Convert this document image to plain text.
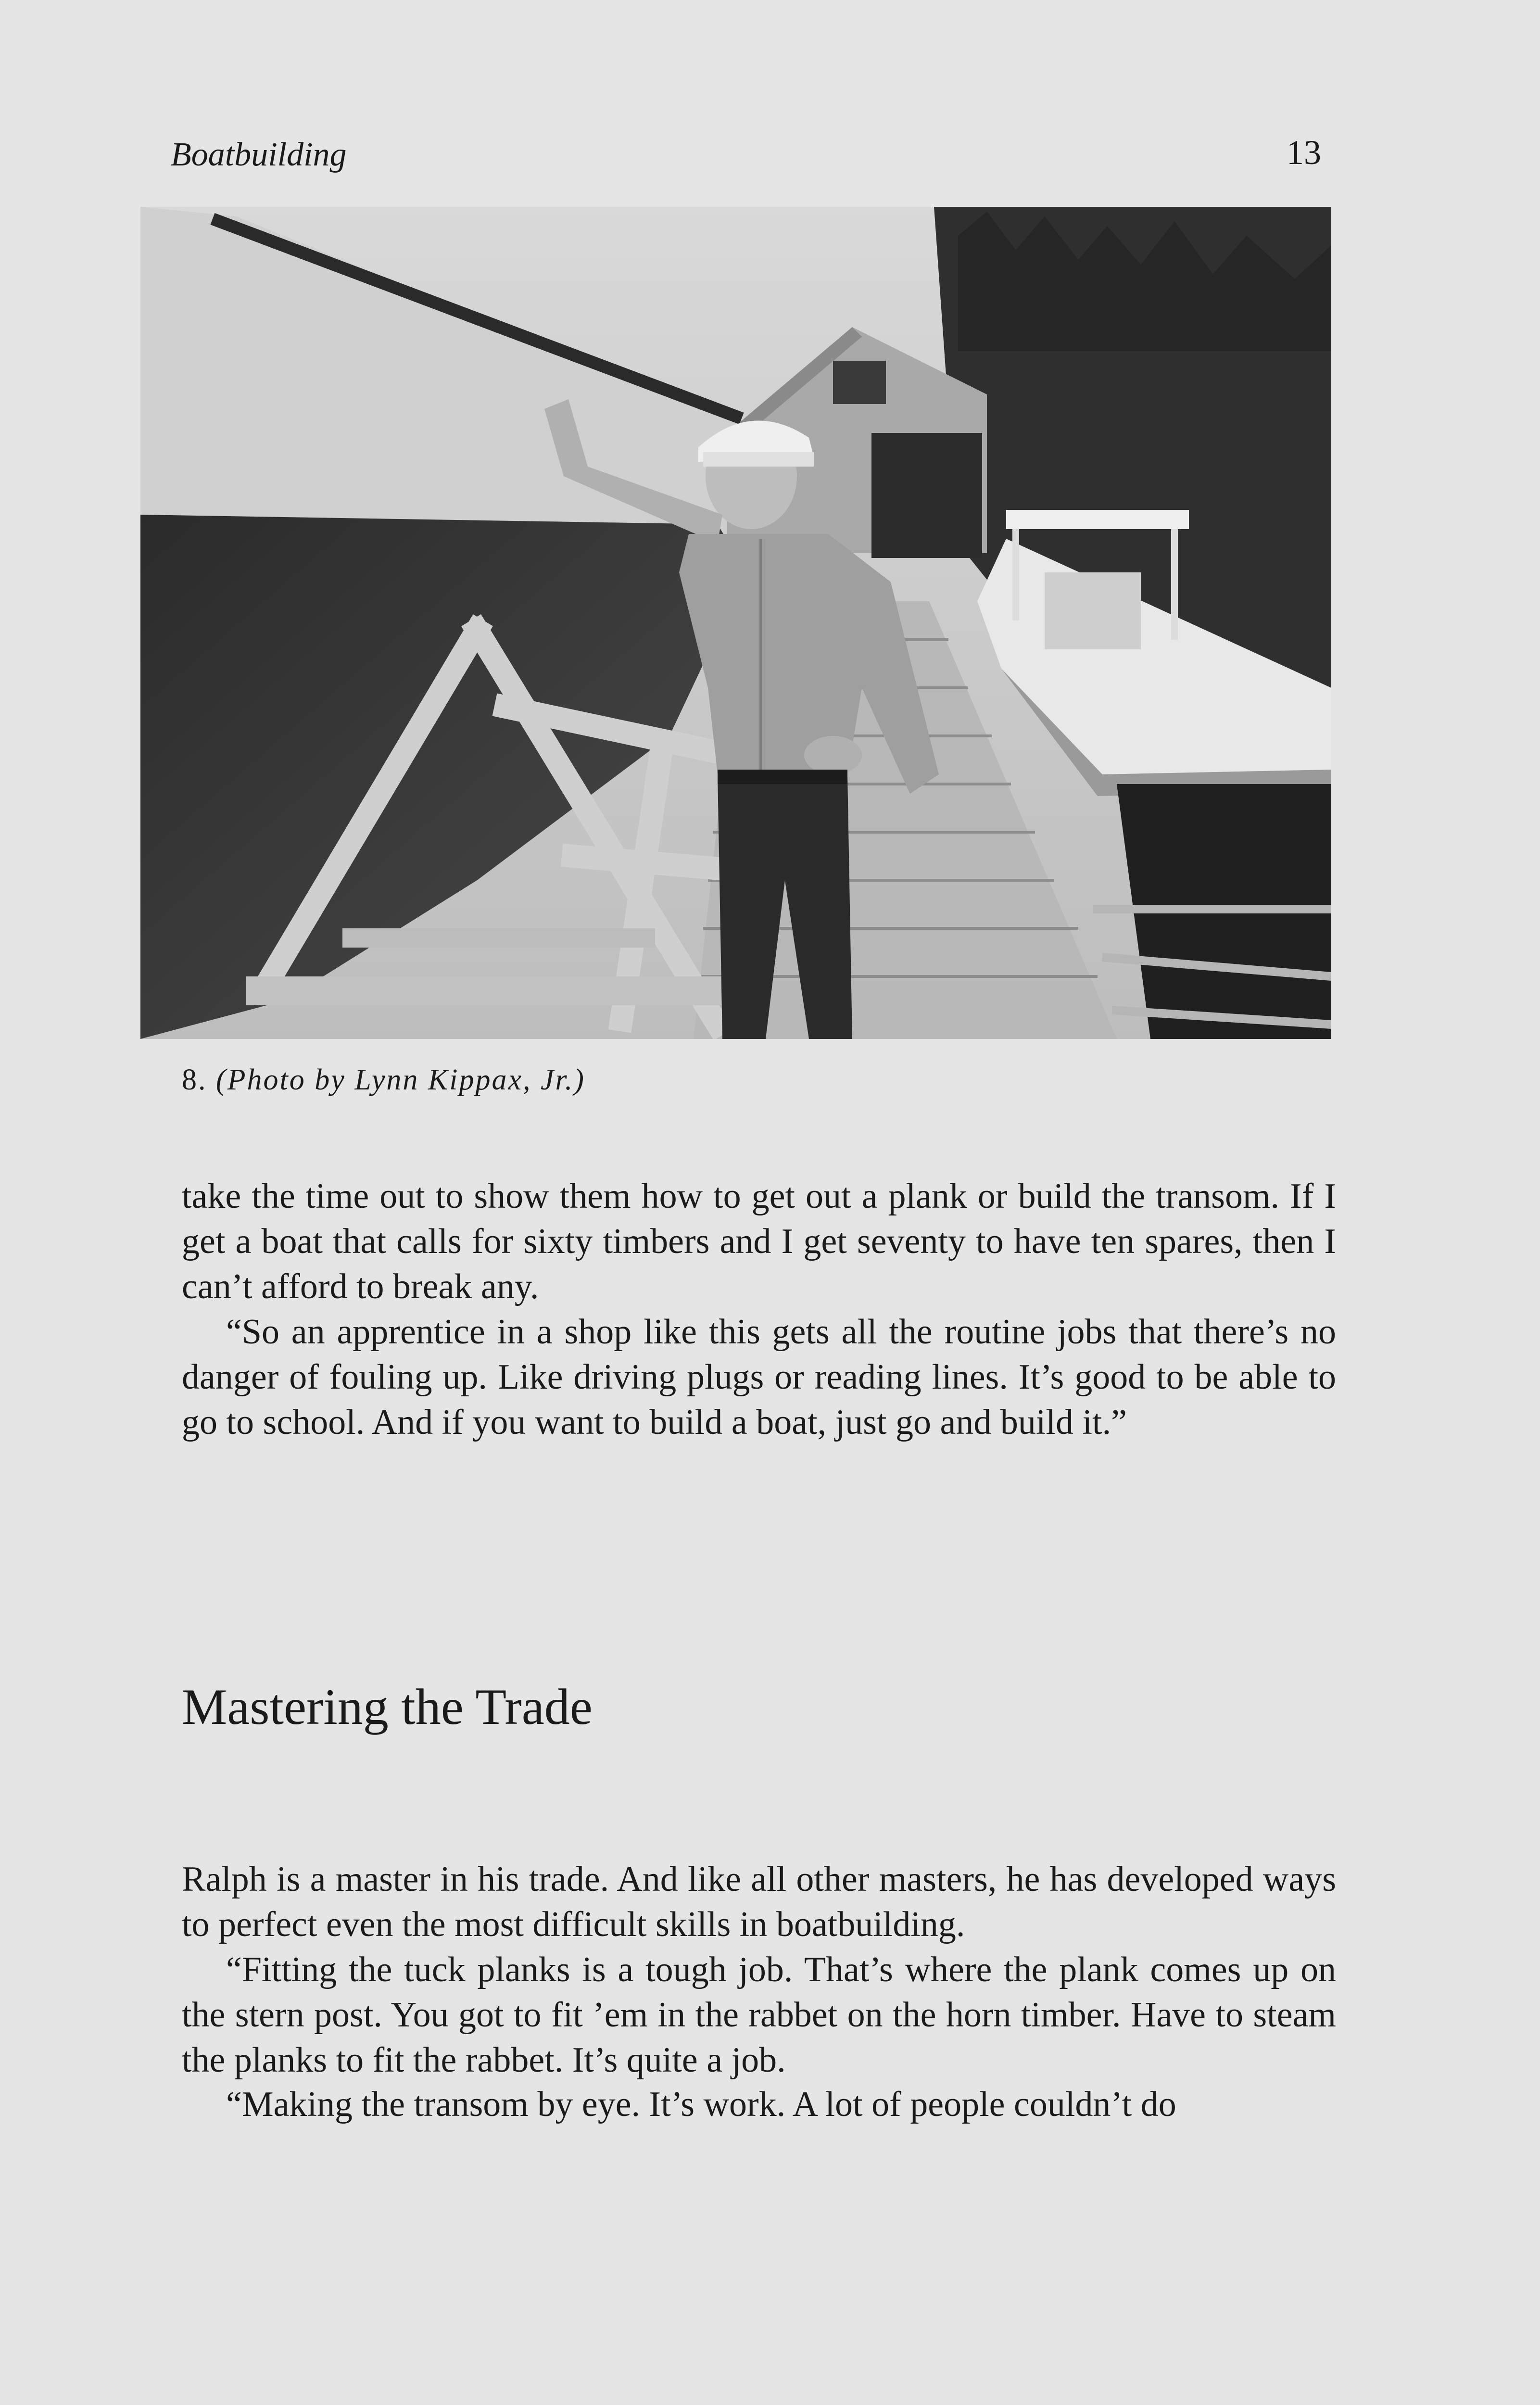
Boatbuilding	13
8. (Photo by Lynn Kippax, Jr.)

take the time out to show them how to get out a plank or build the transom. If I get a boat that calls for sixty timbers and I get seventy to have ten spares, then I can’t afford to break any.

“So an apprentice in a shop like this gets all the routine jobs that there’s no danger of fouling up. Like driving plugs or reading lines. It’s good to be able to go to school. And if you want to build a boat, just go and build it.”

Mastering the Trade

Ralph is a master in his trade. And like all other masters, he has developed ways to perfect even the most difficult skills in boatbuilding.

“Fitting the tuck planks is a tough job. That’s where the plank comes up on the stern post. You got to fit ’em in the rabbet on the horn timber. Have to steam the planks to fit the rabbet. It’s quite a job.

“Making the transom by eye. It’s work. A lot of people couldn’t do
